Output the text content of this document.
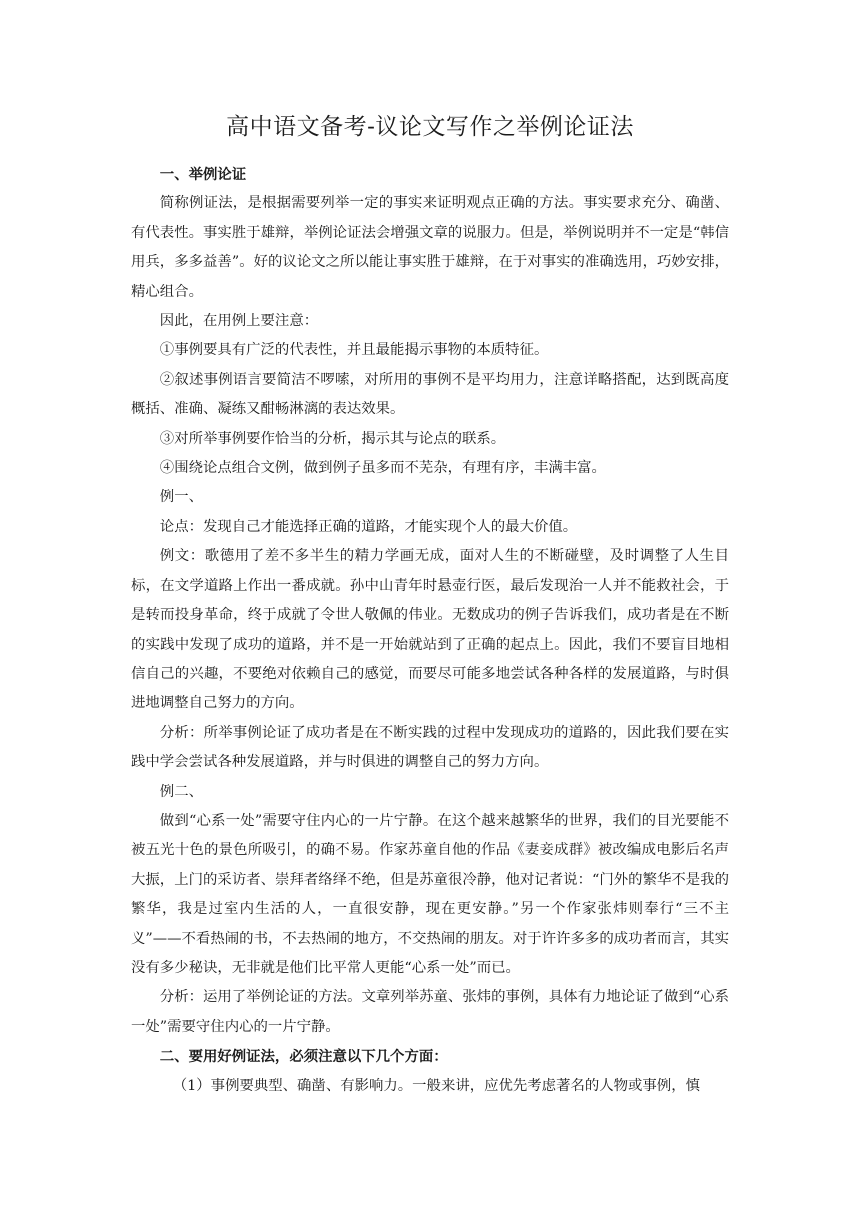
高中语文备考-议论文写作之举例论证法

一、举例论证

简称例证法，是根据需要列举一定的事实来证明观点正确的方法。事实要求充分、确凿、有代表性。事实胜于雄辩，举例论证法会增强文章的说服力。但是，举例说明并不一定是“韩信用兵，多多益善”。好的议论文之所以能让事实胜于雄辩，在于对事实的准确选用，巧妙安排，精心组合。

因此，在用例上要注意：

①事例要具有广泛的代表性，并且最能揭示事物的本质特征。

②叙述事例语言要简洁不啰嗦，对所用的事例不是平均用力，注意详略搭配，达到既高度概括、准确、凝练又酣畅淋漓的表达效果。

③对所举事例要作恰当的分析，揭示其与论点的联系。

④围绕论点组合文例，做到例子虽多而不芜杂，有理有序，丰满丰富。

例一、

论点：发现自己才能选择正确的道路，才能实现个人的最大价值。

例文：歌德用了差不多半生的精力学画无成，面对人生的不断碰壁，及时调整了人生目标，在文学道路上作出一番成就。孙中山青年时悬壶行医，最后发现治一人并不能救社会，于是转而投身革命，终于成就了令世人敬佩的伟业。无数成功的例子告诉我们，成功者是在不断的实践中发现了成功的道路，并不是一开始就站到了正确的起点上。因此，我们不要盲目地相信自己的兴趣，不要绝对依赖自己的感觉，而要尽可能多地尝试各种各样的发展道路，与时俱进地调整自己努力的方向。

分析：所举事例论证了成功者是在不断实践的过程中发现成功的道路的，因此我们要在实践中学会尝试各种发展道路，并与时俱进的调整自己的努力方向。

例二、

做到“心系一处”需要守住内心的一片宁静。在这个越来越繁华的世界，我们的目光要能不被五光十色的景色所吸引，的确不易。作家苏童自他的作品《妻妾成群》被改编成电影后名声大振，上门的采访者、崇拜者络绎不绝，但是苏童很冷静，他对记者说：“门外的繁华不是我的繁华，我是过室内生活的人，一直很安静，现在更安静。”另一个作家张炜则奉行“三不主义”——不看热闹的书，不去热闹的地方，不交热闹的朋友。对于许许多多的成功者而言，其实没有多少秘诀，无非就是他们比平常人更能“心系一处”而已。

分析：运用了举例论证的方法。文章列举苏童、张炜的事例，具体有力地论证了做到“心系一处”需要守住内心的一片宁静。

二、要用好例证法，必须注意以下几个方面：

（1）事例要典型、确凿、有影响力。一般来讲，应优先考虑著名的人物或事例，慎
